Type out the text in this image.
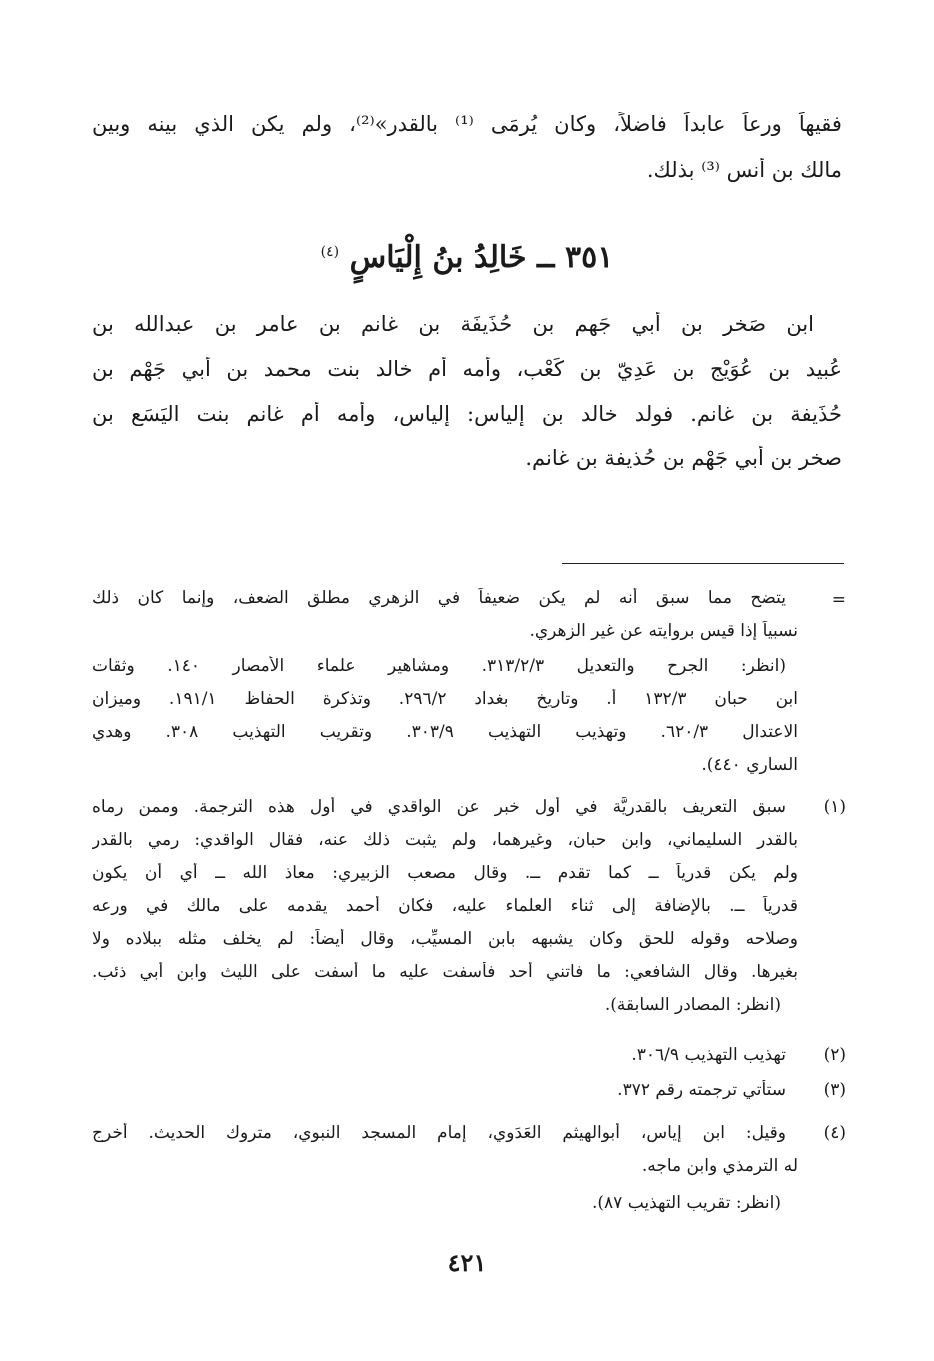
فقيهاً ورعاً عابداً فاضلاً، وكان يُرمَى ⁽¹⁾ بالقدر»⁽²⁾، ولم يكن الذي بينه وبين
مالك بن أنس ⁽³⁾ بذلك.
٣٥١ ــ خَالِدُ بنُ إِلْيَاسٍ $^{(٤)}$
ابن صَخر بن أبي جَهم بن حُذَيفَة بن غانم بن عامر بن عبدالله بن
عُبيد بن عُوَيْج بن عَدِيّ بن كَعْب، وأمه أم خالد بنت محمد بن أبي جَهْم بن
حُذَيفة بن غانم. فولد خالد بن إلياس: إلياس، وأمه أم غانم بنت اليَسَع بن
صخر بن أبي جَهْم بن حُذيفة بن غانم.
=
يتضح مما سبق أنه لم يكن ضعيفاً في الزهري مطلق الضعف، وإنما كان ذلك
نسبياً إذا قيس بروايته عن غير الزهري.
(انظر: الجرح والتعديل ٣١٣/٢/٣. ومشاهير علماء الأمصار ١٤٠. وثقات
ابن حبان ١٣٢/٣ أ. وتاريخ بغداد ٢٩٦/٢. وتذكرة الحفاظ ١٩١/١. وميزان
الاعتدال ٦٢٠/٣. وتهذيب التهذيب ٣٠٣/٩. وتقريب التهذيب ٣٠٨. وهدي
الساري ٤٤٠).
(١)
سبق التعريف بالقدريَّة في أول خبر عن الواقدي في أول هذه الترجمة. وممن رماه
بالقدر السليماني، وابن حبان، وغيرهما، ولم يثبت ذلك عنه، فقال الواقدي: رمي بالقدر
ولم يكن قدرياً ــ كما تقدم ــ. وقال مصعب الزبيري: معاذ الله ــ أي أن يكون
قدرياً ــ. بالإضافة إلى ثناء العلماء عليه، فكان أحمد يقدمه على مالك في ورعه
وصلاحه وقوله للحق وكان يشبهه بابن المسيِّب، وقال أيضاً: لم يخلف مثله ببلاده ولا
بغيرها. وقال الشافعي: ما فاتني أحد فأسفت عليه ما أسفت على الليث وابن أبي ذئب.
(انظر: المصادر السابقة).
(٢)
تهذيب التهذيب ٣٠٦/٩.
(٣)
ستأتي ترجمته رقم ٣٧٢.
(٤)
وقيل: ابن إياس، أبوالهيثم العَدَوي، إمام المسجد النبوي، متروك الحديث. أخرج
له الترمذي وابن ماجه.
(انظر: تقريب التهذيب ٨٧).
٤٢١
